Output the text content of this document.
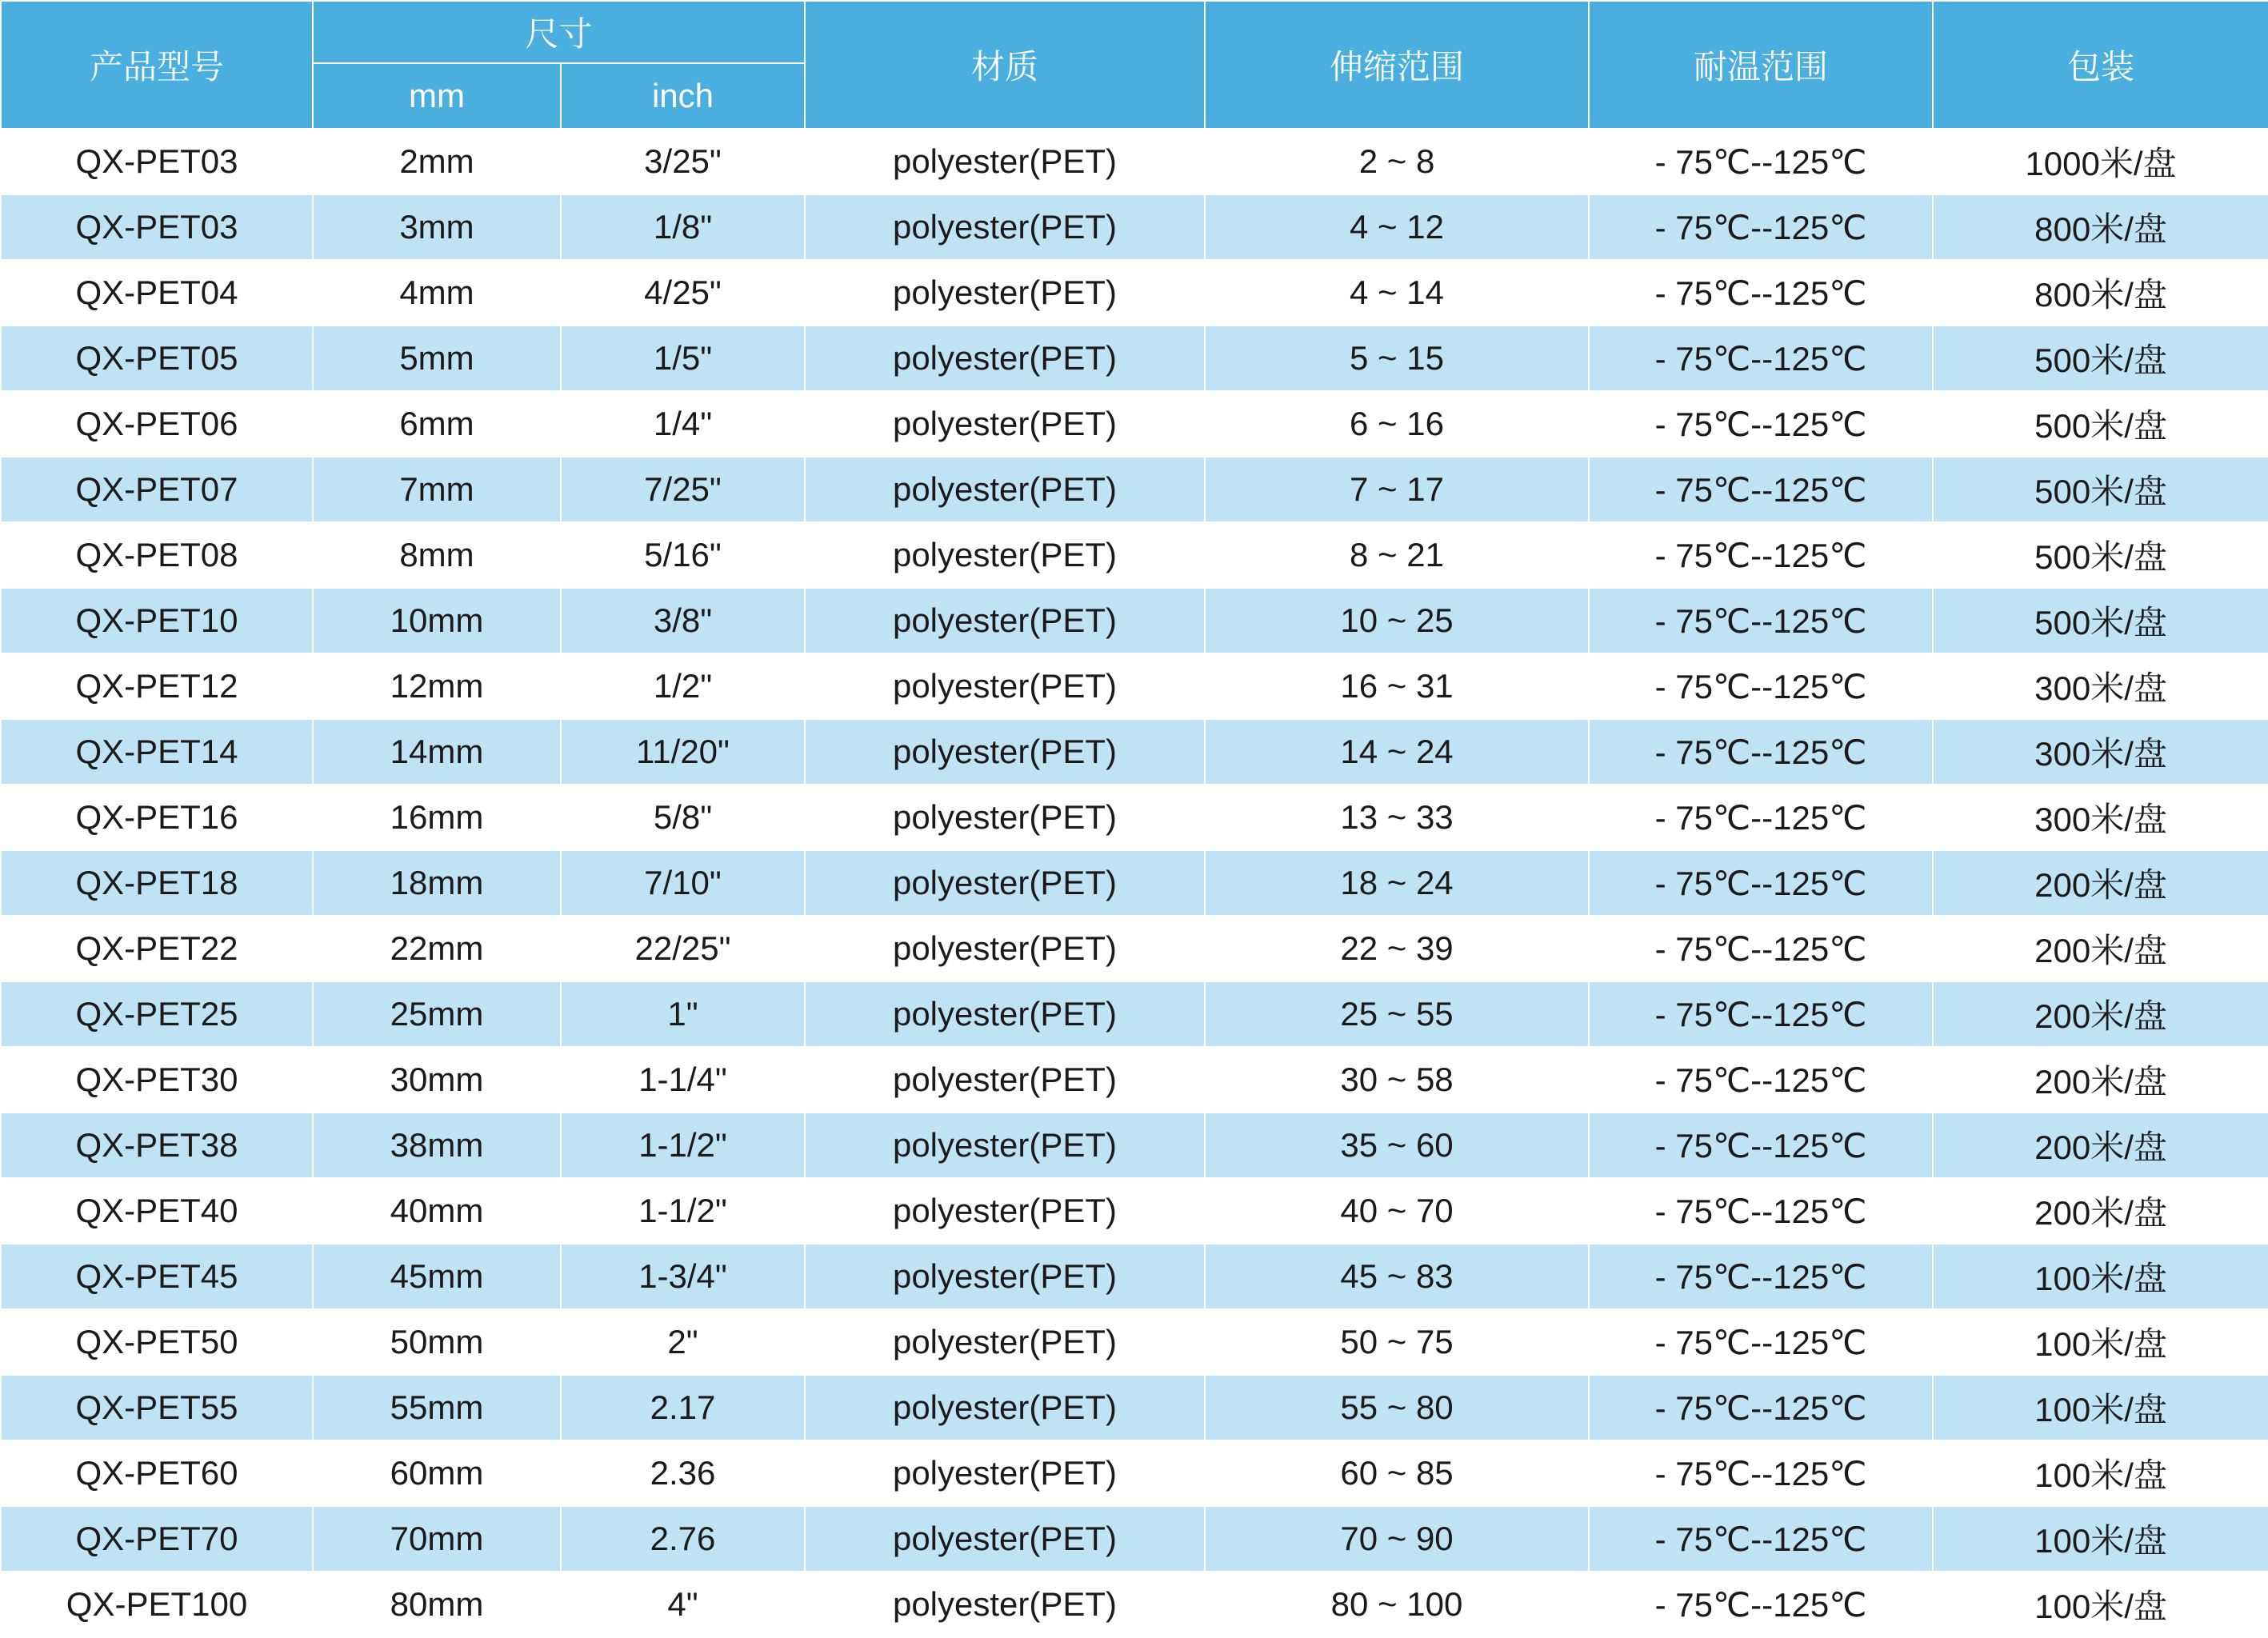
产品型号	尺寸		材质	伸缩范围	耐温范围	包装
	mm	inch				
QX-PET03	2mm	3/25"	polyester(PET)	2 ~ 8	- 75℃--125℃	1000米/盘
QX-PET03	3mm	1/8"	polyester(PET)	4 ~ 12	- 75℃--125℃	800米/盘
QX-PET04	4mm	4/25"	polyester(PET)	4 ~ 14	- 75℃--125℃	800米/盘
QX-PET05	5mm	1/5"	polyester(PET)	5 ~ 15	- 75℃--125℃	500米/盘
QX-PET06	6mm	1/4"	polyester(PET)	6 ~ 16	- 75℃--125℃	500米/盘
QX-PET07	7mm	7/25"	polyester(PET)	7 ~ 17	- 75℃--125℃	500米/盘
QX-PET08	8mm	5/16"	polyester(PET)	8 ~ 21	- 75℃--125℃	500米/盘
QX-PET10	10mm	3/8"	polyester(PET)	10 ~ 25	- 75℃--125℃	500米/盘
QX-PET12	12mm	1/2"	polyester(PET)	16 ~ 31	- 75℃--125℃	300米/盘
QX-PET14	14mm	11/20"	polyester(PET)	14 ~ 24	- 75℃--125℃	300米/盘
QX-PET16	16mm	5/8"	polyester(PET)	13 ~ 33	- 75℃--125℃	300米/盘
QX-PET18	18mm	7/10"	polyester(PET)	18 ~ 24	- 75℃--125℃	200米/盘
QX-PET22	22mm	22/25"	polyester(PET)	22 ~ 39	- 75℃--125℃	200米/盘
QX-PET25	25mm	1"	polyester(PET)	25 ~ 55	- 75℃--125℃	200米/盘
QX-PET30	30mm	1-1/4"	polyester(PET)	30 ~ 58	- 75℃--125℃	200米/盘
QX-PET38	38mm	1-1/2"	polyester(PET)	35 ~ 60	- 75℃--125℃	200米/盘
QX-PET40	40mm	1-1/2"	polyester(PET)	40 ~ 70	- 75℃--125℃	200米/盘
QX-PET45	45mm	1-3/4"	polyester(PET)	45 ~ 83	- 75℃--125℃	100米/盘
QX-PET50	50mm	2"	polyester(PET)	50 ~ 75	- 75℃--125℃	100米/盘
QX-PET55	55mm	2.17	polyester(PET)	55 ~ 80	- 75℃--125℃	100米/盘
QX-PET60	60mm	2.36	polyester(PET)	60 ~ 85	- 75℃--125℃	100米/盘
QX-PET70	70mm	2.76	polyester(PET)	70 ~ 90	- 75℃--125℃	100米/盘
QX-PET100	80mm	4"	polyester(PET)	80 ~ 100	- 75℃--125℃	100米/盘
